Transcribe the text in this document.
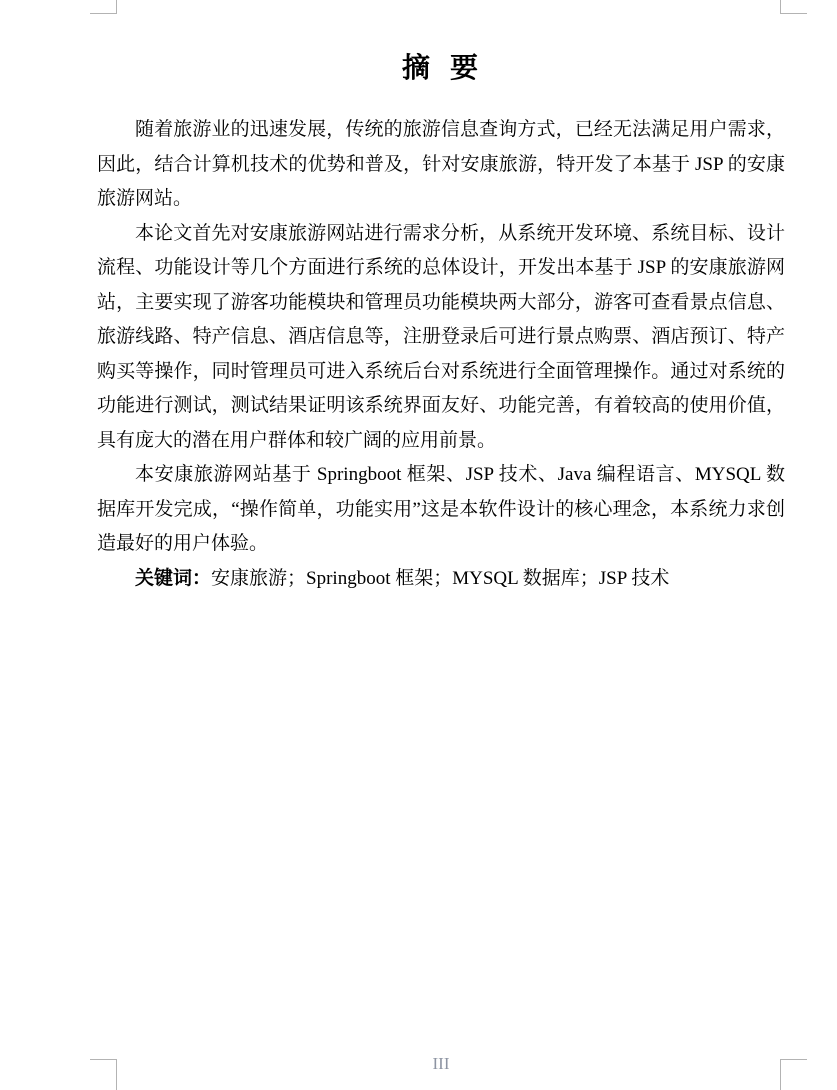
摘  要

随着旅游业的迅速发展，传统的旅游信息查询方式，已经无法满足用户需求，因此，结合计算机技术的优势和普及，针对安康旅游，特开发了本基于 JSP 的安康旅游网站。

本论文首先对安康旅游网站进行需求分析，从系统开发环境、系统目标、设计流程、功能设计等几个方面进行系统的总体设计，开发出本基于 JSP 的安康旅游网站，主要实现了游客功能模块和管理员功能模块两大部分，游客可查看景点信息、旅游线路、特产信息、酒店信息等，注册登录后可进行景点购票、酒店预订、特产购买等操作，同时管理员可进入系统后台对系统进行全面管理操作。通过对系统的功能进行测试，测试结果证明该系统界面友好、功能完善，有着较高的使用价值，具有庞大的潜在用户群体和较广阔的应用前景。

本安康旅游网站基于 Springboot 框架、JSP 技术、Java 编程语言、MYSQL 数据库开发完成，“操作简单，功能实用”这是本软件设计的核心理念，本系统力求创造最好的用户体验。

关键词：安康旅游；Springboot 框架；MYSQL 数据库；JSP 技术

III
